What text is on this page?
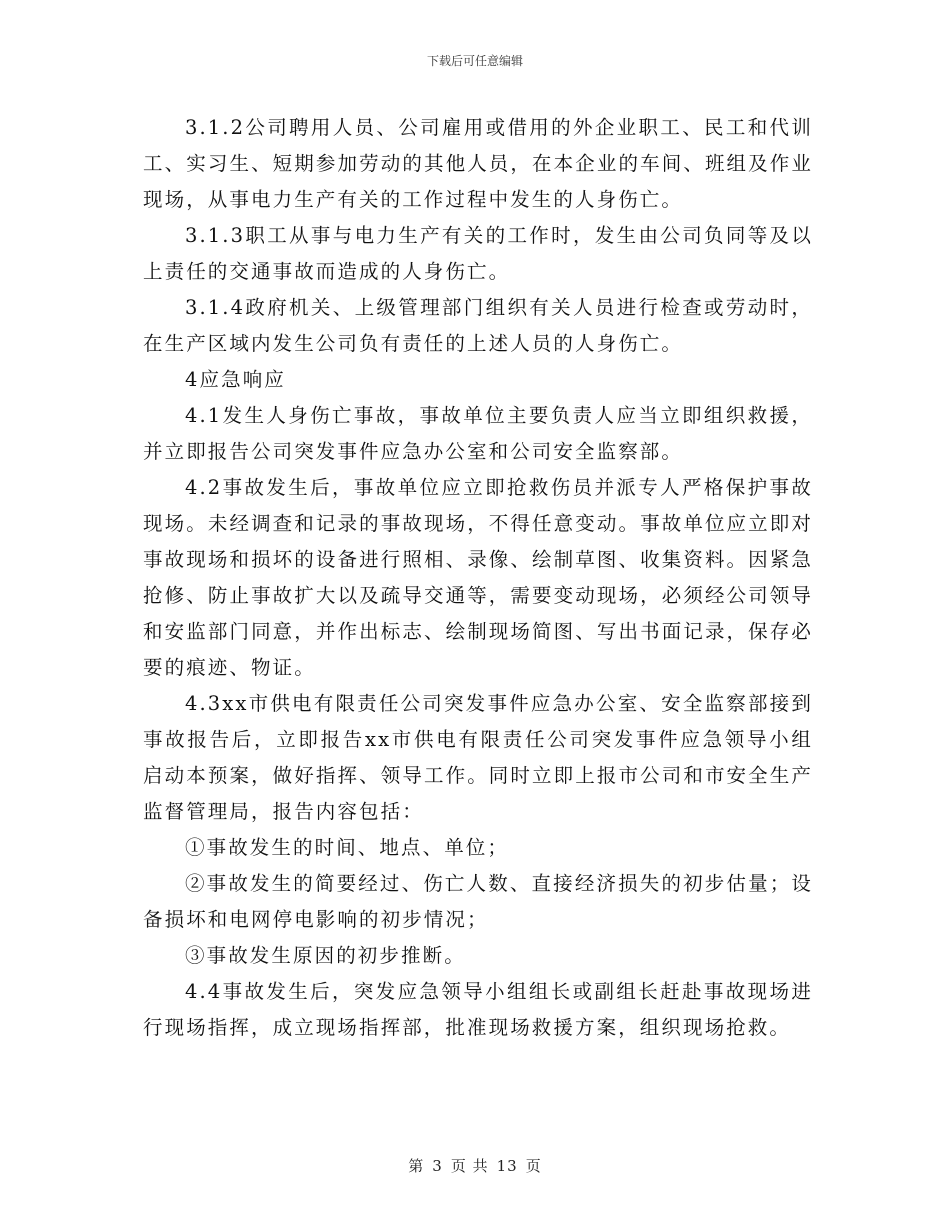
下载后可任意编辑

3.1.2公司聘用人员、公司雇用或借用的外企业职工、民工和代训工、实习生、短期参加劳动的其他人员，在本企业的车间、班组及作业现场，从事电力生产有关的工作过程中发生的人身伤亡。

3.1.3职工从事与电力生产有关的工作时，发生由公司负同等及以上责任的交通事故而造成的人身伤亡。

3.1.4政府机关、上级管理部门组织有关人员进行检查或劳动时，在生产区域内发生公司负有责任的上述人员的人身伤亡。

4应急响应

4.1发生人身伤亡事故，事故单位主要负责人应当立即组织救援，并立即报告公司突发事件应急办公室和公司安全监察部。

4.2事故发生后，事故单位应立即抢救伤员并派专人严格保护事故现场。未经调查和记录的事故现场，不得任意变动。事故单位应立即对事故现场和损坏的设备进行照相、录像、绘制草图、收集资料。因紧急抢修、防止事故扩大以及疏导交通等，需要变动现场，必须经公司领导和安监部门同意，并作出标志、绘制现场简图、写出书面记录，保存必要的痕迹、物证。

4.3xx市供电有限责任公司突发事件应急办公室、安全监察部接到事故报告后，立即报告xx市供电有限责任公司突发事件应急领导小组启动本预案，做好指挥、领导工作。同时立即上报市公司和市安全生产监督管理局，报告内容包括：

①事故发生的时间、地点、单位；

②事故发生的简要经过、伤亡人数、直接经济损失的初步估量；设备损坏和电网停电影响的初步情况；

③事故发生原因的初步推断。

4.4事故发生后，突发应急领导小组组长或副组长赶赴事故现场进行现场指挥，成立现场指挥部，批准现场救援方案，组织现场抢救。

第 3 页 共 13 页
